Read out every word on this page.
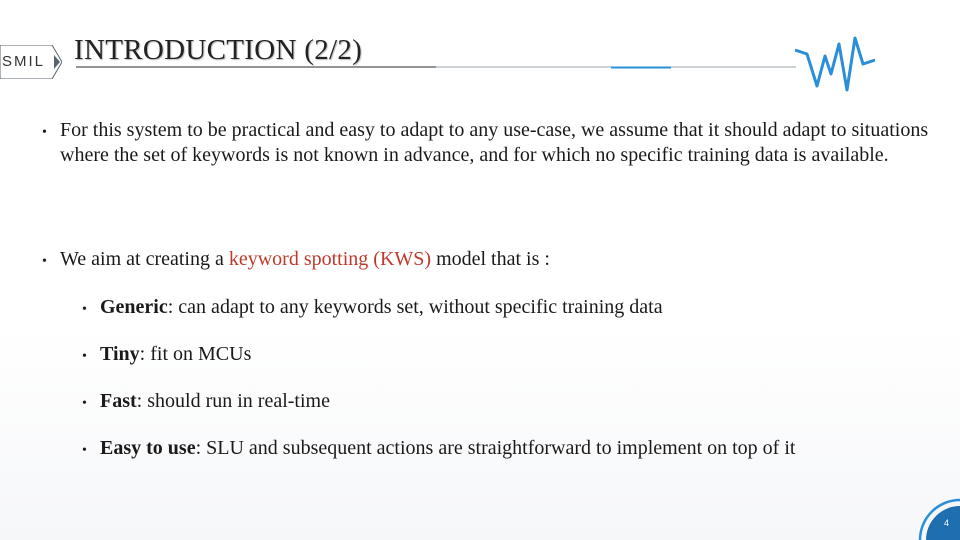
SMIL INTRODUCTION (2/2)
• For this system to be practical and easy to adapt to any use-case, we assume that it should adapt to situations where the set of keywords is not known in advance, and for which no specific training data is available.
• We aim at creating a keyword spotting (KWS) model that is :
• Generic: can adapt to any keywords set, without specific training data
• Tiny: fit on MCUs
• Fast: should run in real-time
• Easy to use: SLU and subsequent actions are straightforward to implement on top of it
4
